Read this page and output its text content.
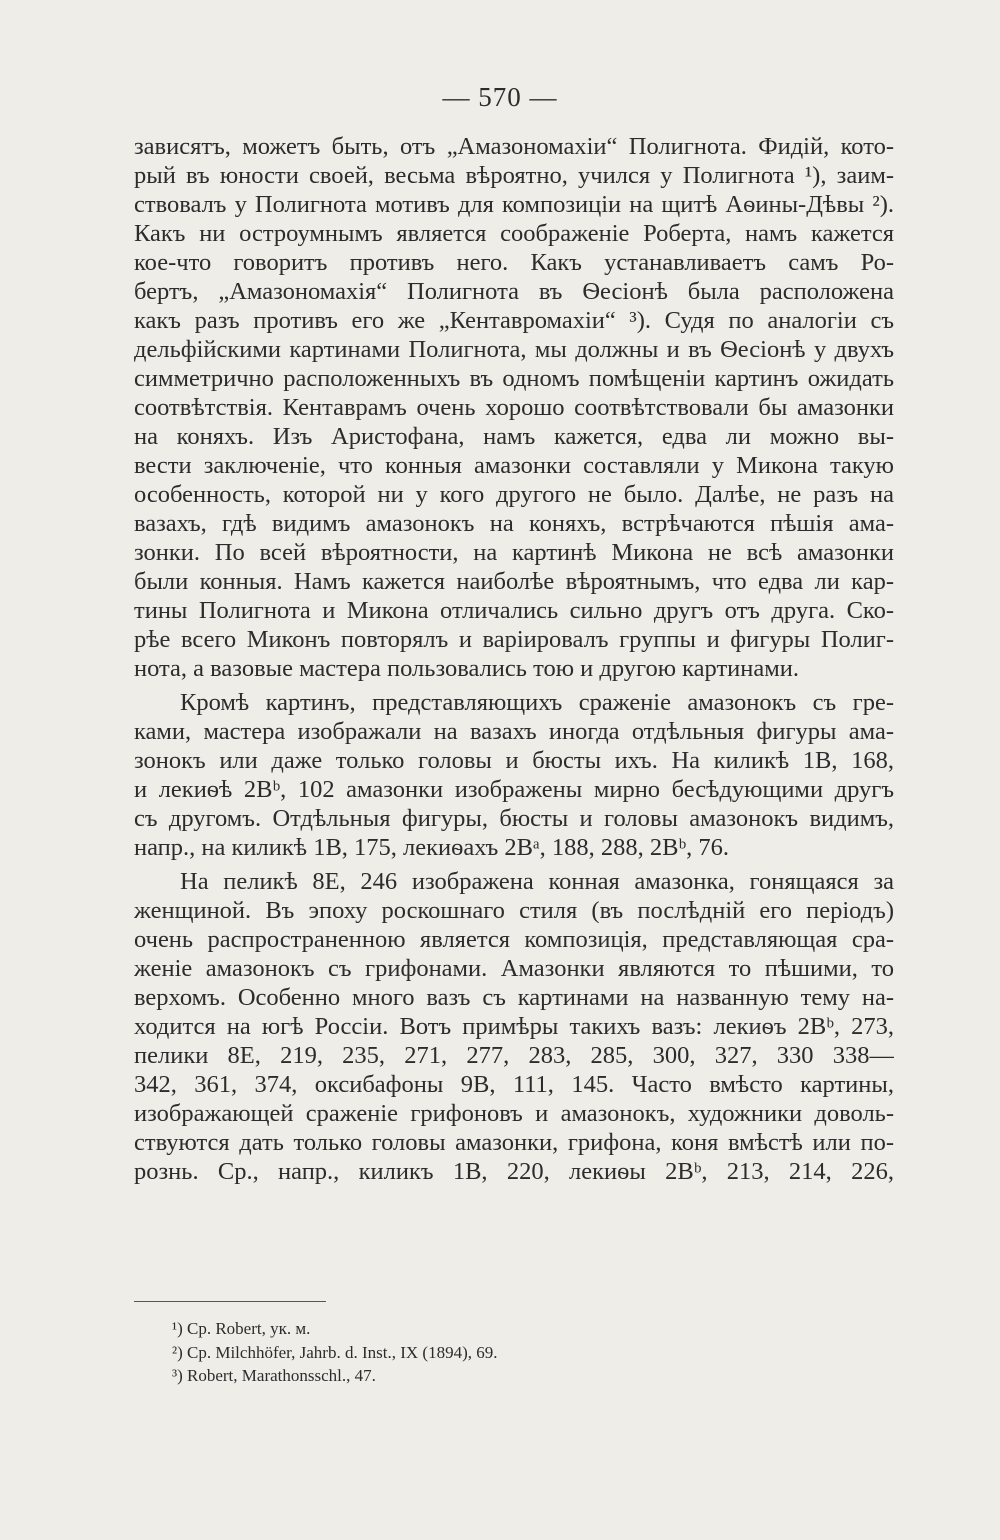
— 570 —
зависятъ, можетъ быть, отъ „Амазономахіи“ Полигнота. Фидій, кото-
рый въ юности своей, весьма вѣроятно, учился у Полигнота ¹), заим-
ствовалъ у Полигнота мотивъ для композиціи на щитѣ Аѳины-Дѣвы ²).
Какъ ни остроумнымъ является соображеніе Роберта, намъ кажется
кое-что говоритъ противъ него. Какъ устанавливаетъ самъ Ро-
бертъ, „Амазономахія“ Полигнота въ Ѳесіонѣ была расположена
какъ разъ противъ его же „Кентавромахіи“ ³). Судя по аналогіи съ
дельфійскими картинами Полигнота, мы должны и въ Ѳесіонѣ у двухъ
симметрично расположенныхъ въ одномъ помѣщеніи картинъ ожидать
соотвѣтствія. Кентаврамъ очень хорошо соотвѣтствовали бы амазонки
на коняхъ. Изъ Аристофана, намъ кажется, едва ли можно вы-
вести заключеніе, что конныя амазонки составляли у Микона такую
особенность, которой ни у кого другого не было. Далѣе, не разъ на
вазахъ, гдѣ видимъ амазонокъ на коняхъ, встрѣчаются пѣшія ама-
зонки. По всей вѣроятности, на картинѣ Микона не всѣ амазонки
были конныя. Намъ кажется наиболѣе вѣроятнымъ, что едва ли кар-
тины Полигнота и Микона отличались сильно другъ отъ друга. Ско-
рѣе всего Миконъ повторялъ и варіировалъ группы и фигуры Полиг-
нота, а вазовые мастера пользовались тою и другою картинами.
Кромѣ картинъ, представляющихъ сраженіе амазонокъ съ гре-
ками, мастера изображали на вазахъ иногда отдѣльныя фигуры ама-
зонокъ или даже только головы и бюсты ихъ. На киликѣ 1B, 168,
и лекиѳѣ 2Bᵇ, 102 амазонки изображены мирно бесѣдующими другъ
съ другомъ. Отдѣльныя фигуры, бюсты и головы амазонокъ видимъ,
напр., на киликѣ 1B, 175, лекиѳахъ 2Bᵃ, 188, 288, 2Bᵇ, 76.
На пеликѣ 8E, 246 изображена конная амазонка, гонящаяся за
женщиной. Въ эпоху роскошнаго стиля (въ послѣдній его періодъ)
очень распространенною является композиція, представляющая сра-
женіе амазонокъ съ грифонами. Амазонки являются то пѣшими, то
верхомъ. Особенно много вазъ съ картинами на названную тему на-
ходится на югѣ Россіи. Вотъ примѣры такихъ вазъ: лекиѳъ 2Bᵇ, 273,
пелики 8E, 219, 235, 271, 277, 283, 285, 300, 327, 330 338—
342, 361, 374, оксибафоны 9B, 111, 145. Часто вмѣсто картины,
изображающей сраженіе грифоновъ и амазонокъ, художники доволь-
ствуются дать только головы амазонки, грифона, коня вмѣстѣ или по-
рознь. Ср., напр., киликъ 1B, 220, лекиѳы 2Bᵇ, 213, 214, 226,
¹) Ср. Robert, ук. м.
²) Ср. Milchhöfer, Jahrb. d. Inst., IX (1894), 69.
³) Robert, Marathonsschl., 47.
